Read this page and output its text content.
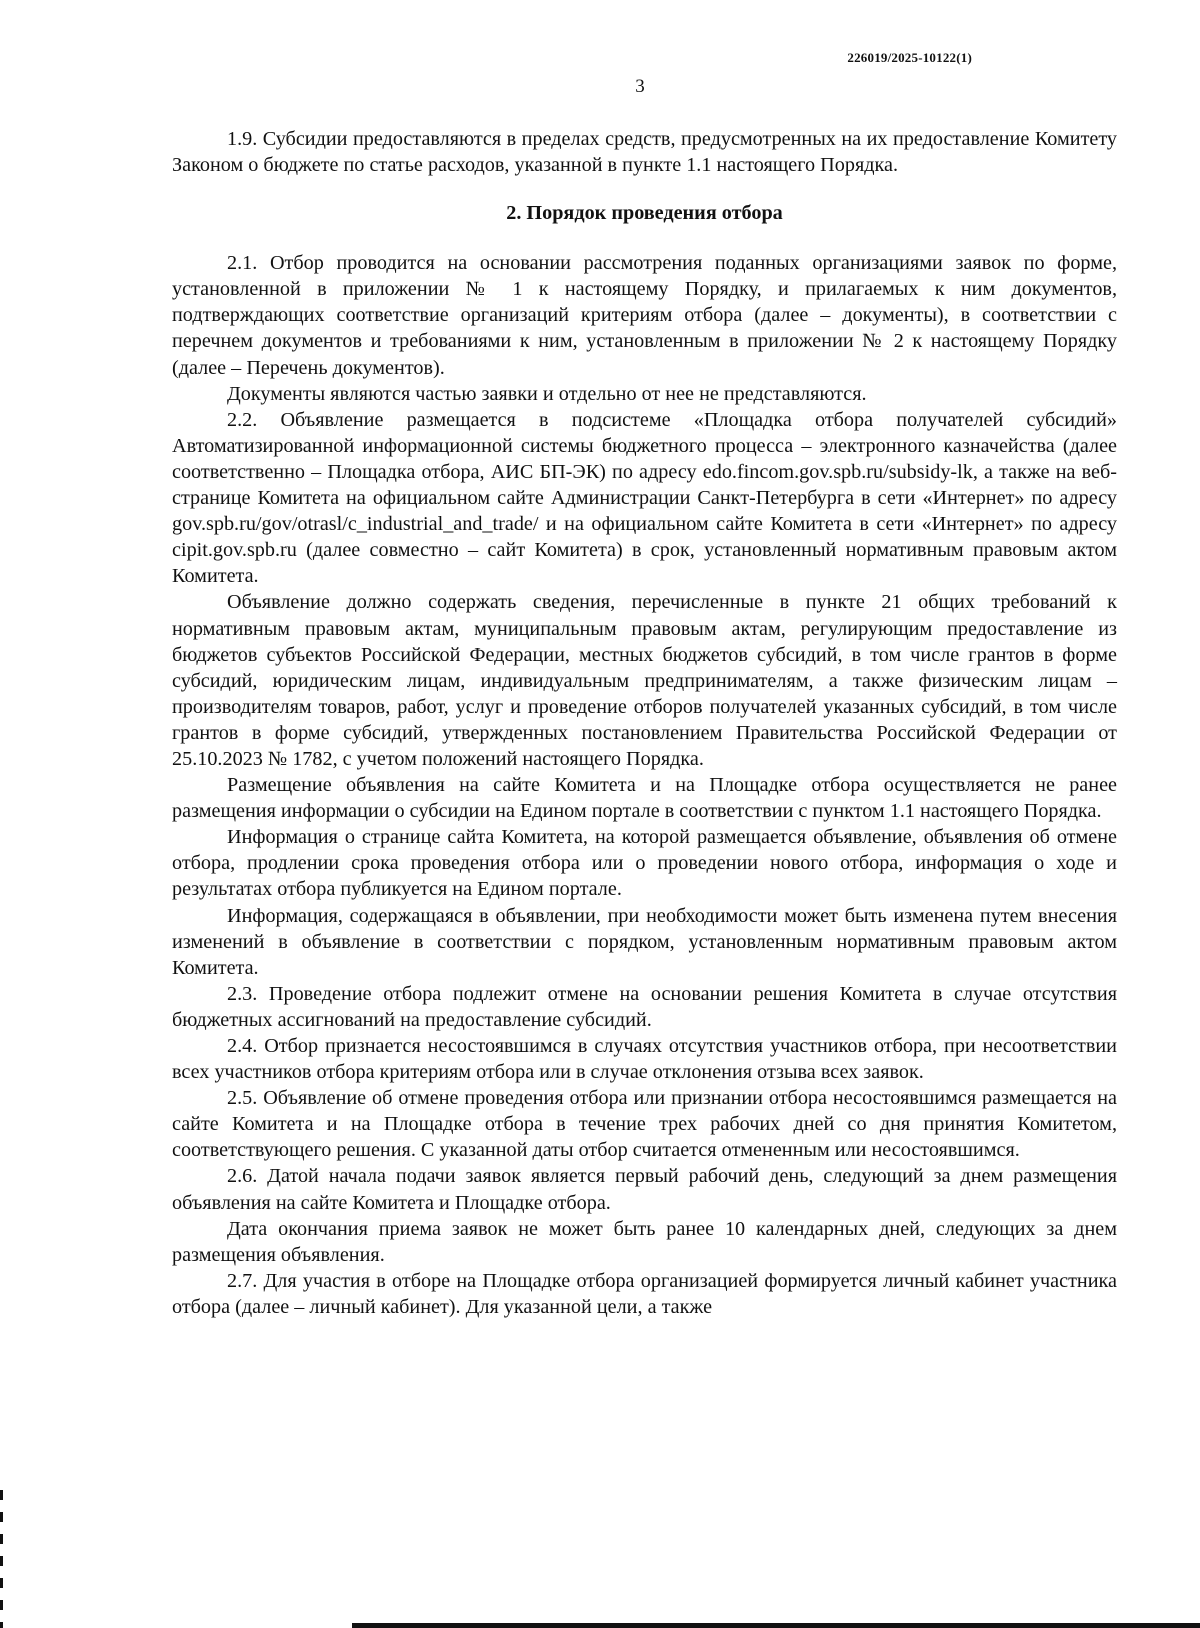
226019/2025-10122(1)
3

1.9. Субсидии предоставляются в пределах средств, предусмотренных на их предоставление Комитету Законом о бюджете по статье расходов, указанной в пункте 1.1 настоящего Порядка.

2. Порядок проведения отбора

2.1. Отбор проводится на основании рассмотрения поданных организациями заявок по форме, установленной в приложении № 1 к настоящему Порядку, и прилагаемых к ним документов, подтверждающих соответствие организаций критериям отбора (далее – документы), в соответствии с перечнем документов и требованиями к ним, установленным в приложении № 2 к настоящему Порядку (далее – Перечень документов).

Документы являются частью заявки и отдельно от нее не представляются.

2.2. Объявление размещается в подсистеме «Площадка отбора получателей субсидий» Автоматизированной информационной системы бюджетного процесса – электронного казначейства (далее соответственно – Площадка отбора, АИС БП-ЭК) по адресу edo.fincom.gov.spb.ru/subsidy-lk, а также на веб-странице Комитета на официальном сайте Администрации Санкт-Петербурга в сети «Интернет» по адресу gov.spb.ru/gov/otrasl/c_industrial_and_trade/ и на официальном сайте Комитета в сети «Интернет» по адресу cipit.gov.spb.ru (далее совместно – сайт Комитета) в срок, установленный нормативным правовым актом Комитета.

Объявление должно содержать сведения, перечисленные в пункте 21 общих требований к нормативным правовым актам, муниципальным правовым актам, регулирующим предоставление из бюджетов субъектов Российской Федерации, местных бюджетов субсидий, в том числе грантов в форме субсидий, юридическим лицам, индивидуальным предпринимателям, а также физическим лицам – производителям товаров, работ, услуг и проведение отборов получателей указанных субсидий, в том числе грантов в форме субсидий, утвержденных постановлением Правительства Российской Федерации от 25.10.2023 № 1782, с учетом положений настоящего Порядка.

Размещение объявления на сайте Комитета и на Площадке отбора осуществляется не ранее размещения информации о субсидии на Едином портале в соответствии с пунктом 1.1 настоящего Порядка.

Информация о странице сайта Комитета, на которой размещается объявление, объявления об отмене отбора, продлении срока проведения отбора или о проведении нового отбора, информация о ходе и результатах отбора публикуется на Едином портале.

Информация, содержащаяся в объявлении, при необходимости может быть изменена путем внесения изменений в объявление в соответствии с порядком, установленным нормативным правовым актом Комитета.

2.3. Проведение отбора подлежит отмене на основании решения Комитета в случае отсутствия бюджетных ассигнований на предоставление субсидий.

2.4. Отбор признается несостоявшимся в случаях отсутствия участников отбора, при несоответствии всех участников отбора критериям отбора или в случае отклонения отзыва всех заявок.

2.5. Объявление об отмене проведения отбора или признании отбора несостоявшимся размещается на сайте Комитета и на Площадке отбора в течение трех рабочих дней со дня принятия Комитетом, соответствующего решения. С указанной даты отбор считается отмененным или несостоявшимся.

2.6. Датой начала подачи заявок является первый рабочий день, следующий за днем размещения объявления на сайте Комитета и Площадке отбора.

Дата окончания приема заявок не может быть ранее 10 календарных дней, следующих за днем размещения объявления.

2.7. Для участия в отборе на Площадке отбора организацией формируется личный кабинет участника отбора (далее – личный кабинет). Для указанной цели, а также
